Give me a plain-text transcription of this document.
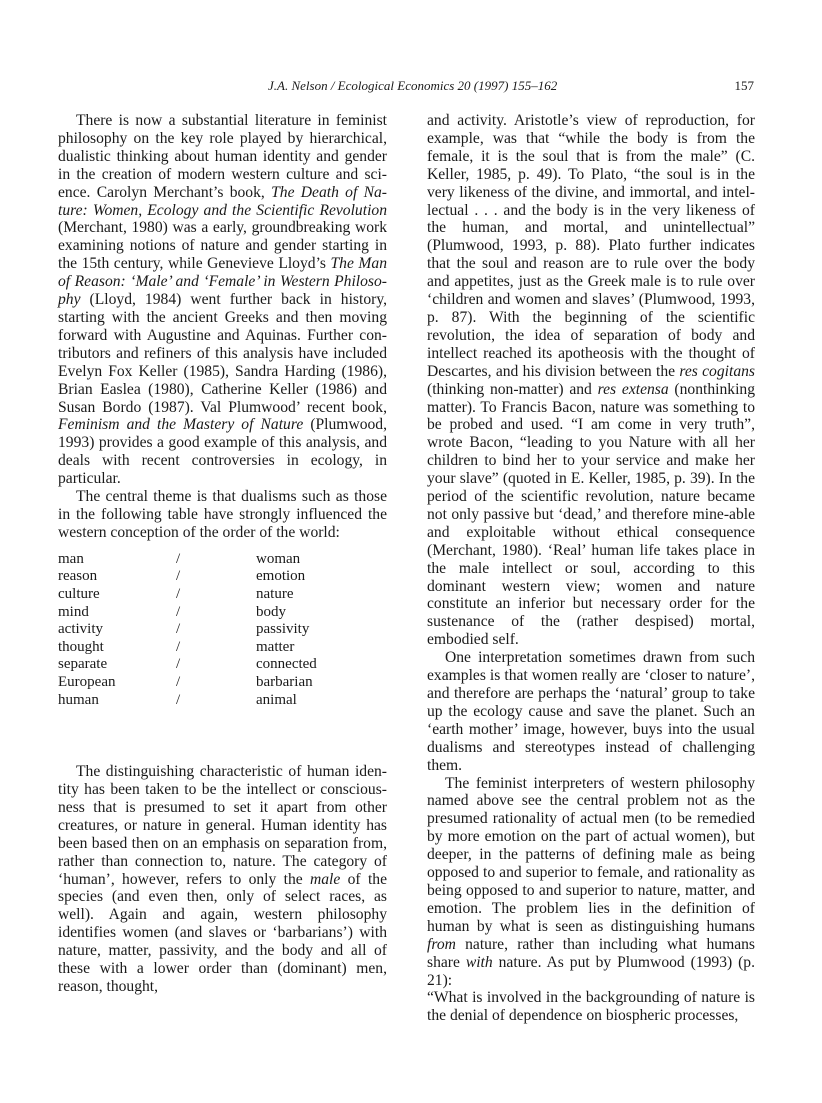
J.A. Nelson / Ecological Economics 20 (1997) 155–162	157

There is now a substantial literature in feminist philosophy on the key role played by hierarchical, dualistic thinking about human identity and gender in the creation of modern western culture and science. Carolyn Merchant’s book, The Death of Nature: Women, Ecology and the Scientific Revolution (Merchant, 1980) was a early, groundbreaking work examining notions of nature and gender starting in the 15th century, while Genevieve Lloyd’s The Man of Reason: ‘Male’ and ‘Female’ in Western Philosophy (Lloyd, 1984) went further back in history, starting with the ancient Greeks and then moving forward with Augustine and Aquinas. Further contributors and refiners of this analysis have included Evelyn Fox Keller (1985), Sandra Harding (1986), Brian Easlea (1980), Catherine Keller (1986) and Susan Bordo (1987). Val Plumwood’ recent book, Feminism and the Mastery of Nature (Plumwood, 1993) provides a good example of this analysis, and deals with recent controversies in ecology, in particular.

The central theme is that dualisms such as those in the following table have strongly influenced the western conception of the order of the world:

man	/	woman
reason	/	emotion
culture	/	nature
mind	/	body
activity	/	passivity
thought	/	matter
separate	/	connected
European	/	barbarian
human	/	animal

The distinguishing characteristic of human identity has been taken to be the intellect or consciousness that is presumed to set it apart from other creatures, or nature in general. Human identity has been based then on an emphasis on separation from, rather than connection to, nature. The category of ‘human’, however, refers to only the male of the species (and even then, only of select races, as well). Again and again, western philosophy identifies women (and slaves or ‘barbarians’) with nature, matter, passivity, and the body and all of these with a lower order than (dominant) men, reason, thought,

and activity. Aristotle’s view of reproduction, for example, was that “while the body is from the female, it is the soul that is from the male” (C. Keller, 1985, p. 49). To Plato, “the soul is in the very likeness of the divine, and immortal, and intellectual . . . and the body is in the very likeness of the human, and mortal, and unintellectual” (Plumwood, 1993, p. 88). Plato further indicates that the soul and reason are to rule over the body and appetites, just as the Greek male is to rule over ‘children and women and slaves’ (Plumwood, 1993, p. 87). With the beginning of the scientific revolution, the idea of separation of body and intellect reached its apotheosis with the thought of Descartes, and his division between the res cogitans (thinking non-matter) and res extensa (nonthinking matter). To Francis Bacon, nature was something to be probed and used. “I am come in very truth”, wrote Bacon, “leading to you Nature with all her children to bind her to your service and make her your slave” (quoted in E. Keller, 1985, p. 39). In the period of the scientific revolution, nature became not only passive but ‘dead,’ and therefore mine-able and exploitable without ethical consequence (Merchant, 1980). ‘Real’ human life takes place in the male intellect or soul, according to this dominant western view; women and nature constitute an inferior but necessary order for the sustenance of the (rather despised) mortal, embodied self.

One interpretation sometimes drawn from such examples is that women really are ‘closer to nature’, and therefore are perhaps the ‘natural’ group to take up the ecology cause and save the planet. Such an ‘earth mother’ image, however, buys into the usual dualisms and stereotypes instead of challenging them.

The feminist interpreters of western philosophy named above see the central problem not as the presumed rationality of actual men (to be remedied by more emotion on the part of actual women), but deeper, in the patterns of defining male as being opposed to and superior to female, and rationality as being opposed to and superior to nature, matter, and emotion. The problem lies in the definition of human by what is seen as distinguishing humans from nature, rather than including what humans share with nature. As put by Plumwood (1993) (p. 21):

“What is involved in the backgrounding of nature is the denial of dependence on biospheric processes,
